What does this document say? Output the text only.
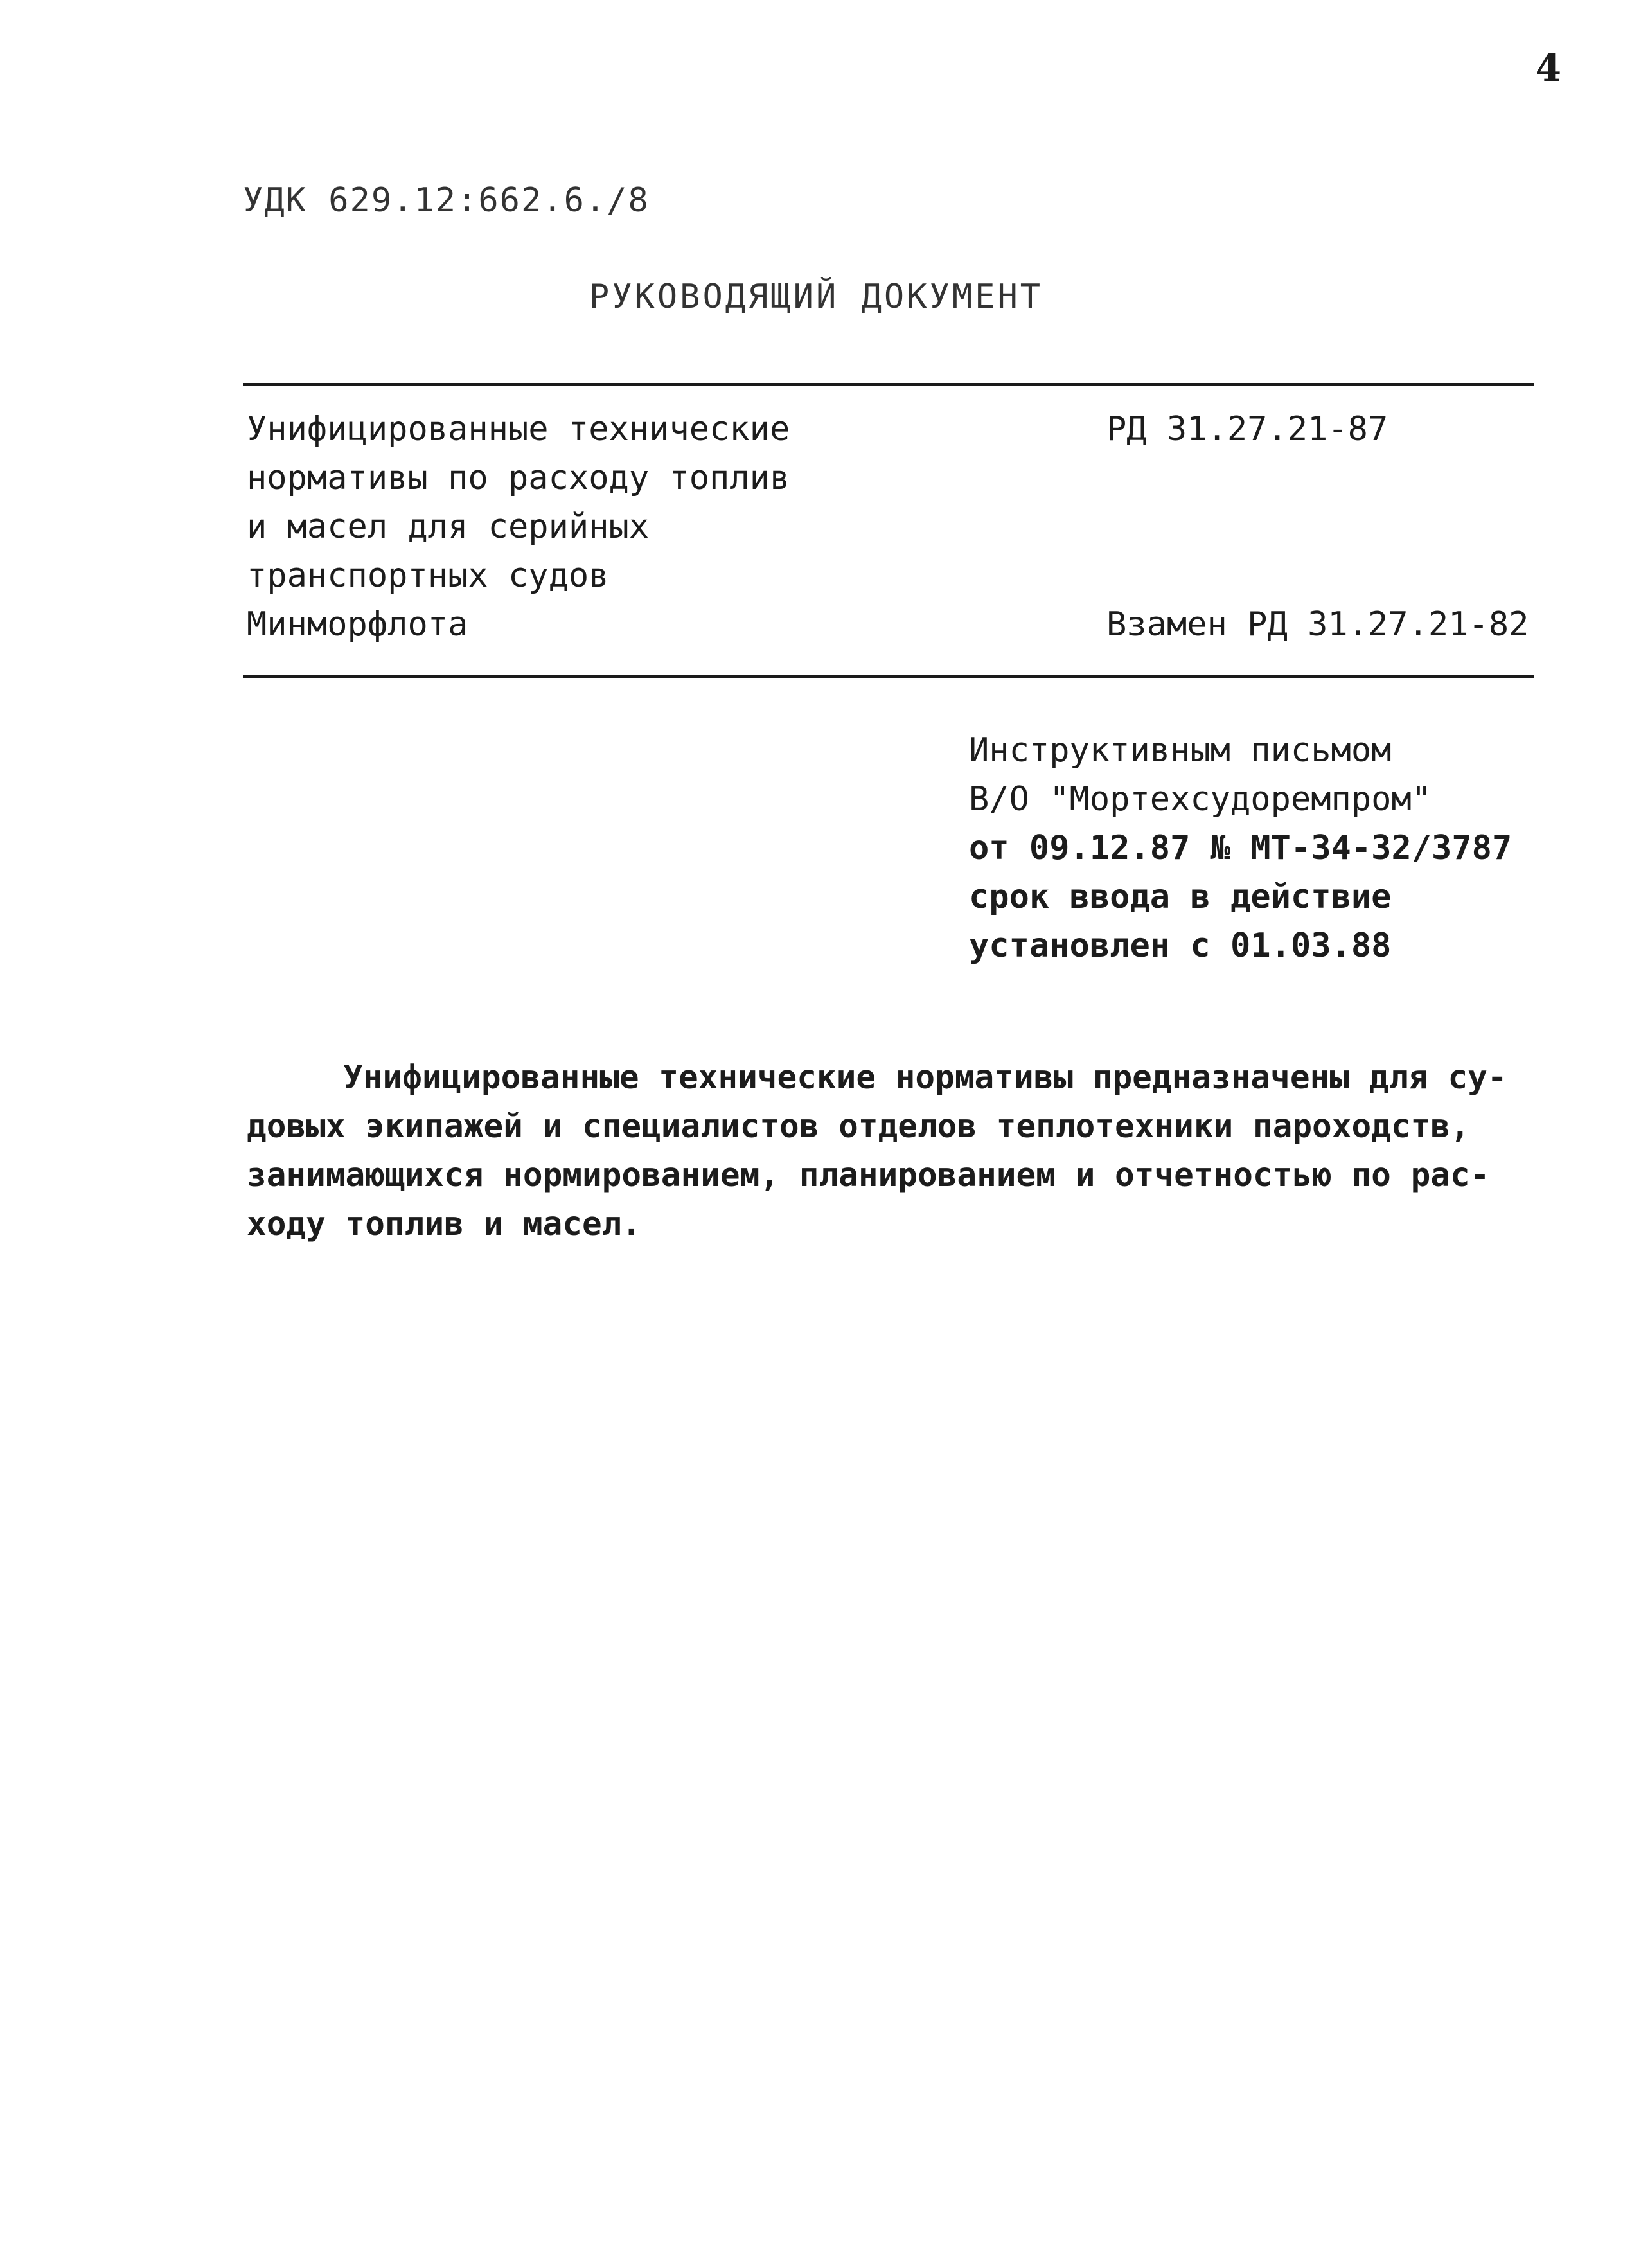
4
УДК 629.12:662.6./8
РУКОВОДЯЩИЙ ДОКУМЕНТ
Унифицированные технические
нормативы по расходу топлив
и масел для серийных
транспортных судов
Минморфлота
РД 31.27.21-87
Взамен РД 31.27.21-82
Инструктивным письмом
В/О "Мортехсудоремпром"
от 09.12.87 № МТ-34-32/3787
срок ввода в действие
установлен с 01.03.88
Унифицированные технические нормативы предназначены для су-
довых экипажей и специалистов отделов теплотехники пароходств,
занимающихся нормированием, планированием и отчетностью по рас-
ходу топлив и масел.
